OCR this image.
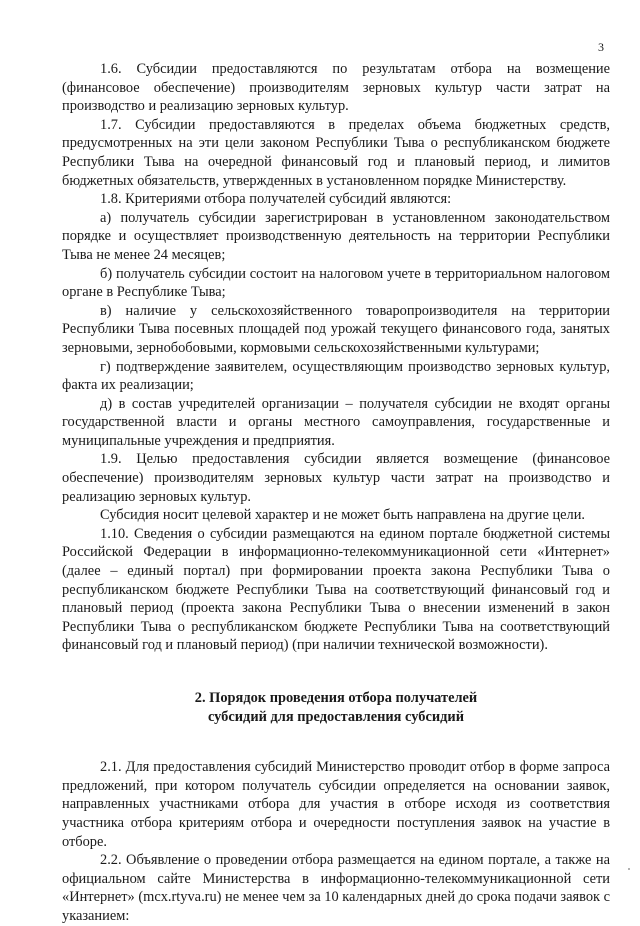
3

1.6. Субсидии предоставляются по результатам отбора на возмещение (финансовое обеспечение) производителям зерновых культур части затрат на производство и реализацию зерновых культур.

1.7. Субсидии предоставляются в пределах объема бюджетных средств, предусмотренных на эти цели законом Республики Тыва о республиканском бюджете Республики Тыва на очередной финансовый год и плановый период, и лимитов бюджетных обязательств, утвержденных в установленном порядке Министерству.

1.8. Критериями отбора получателей субсидий являются:

а) получатель субсидии зарегистрирован в установленном законодательством порядке и осуществляет производственную деятельность на территории Республики Тыва не менее 24 месяцев;

б) получатель субсидии состоит на налоговом учете в территориальном налоговом органе в Республике Тыва;

в) наличие у сельскохозяйственного товаропроизводителя на территории Республики Тыва посевных площадей под урожай текущего финансового года, занятых зерновыми, зернобобовыми, кормовыми сельскохозяйственными культурами;

г) подтверждение заявителем, осуществляющим производство зерновых культур, факта их реализации;

д) в состав учредителей организации – получателя субсидии не входят органы государственной власти и органы местного самоуправления, государственные и муниципальные учреждения и предприятия.

1.9. Целью предоставления субсидии является возмещение (финансовое обеспечение) производителям зерновых культур части затрат на производство и реализацию зерновых культур.

Субсидия носит целевой характер и не может быть направлена на другие цели.

1.10. Сведения о субсидии размещаются на едином портале бюджетной системы Российской Федерации в информационно-телекоммуникационной сети «Интернет» (далее – единый портал) при формировании проекта закона Республики Тыва о республиканском бюджете Республики Тыва на соответствующий финансовый год и плановый период (проекта закона Республики Тыва о внесении изменений в закон Республики Тыва о республиканском бюджете Республики Тыва на соответствующий финансовый год и плановый период) (при наличии технической возможности).

2. Порядок проведения отбора получателей
субсидий для предоставления субсидий

2.1. Для предоставления субсидий Министерство проводит отбор в форме запроса предложений, при котором получатель субсидии определяется на основании заявок, направленных участниками отбора для участия в отборе исходя из соответствия участника отбора критериям отбора и очередности поступления заявок на участие в отборе.

2.2. Объявление о проведении отбора размещается на едином портале, а также на официальном сайте Министерства в информационно-телекоммуникационной сети «Интернет» (mcx.rtyva.ru) не менее чем за 10 календарных дней до срока подачи заявок с указанием:
